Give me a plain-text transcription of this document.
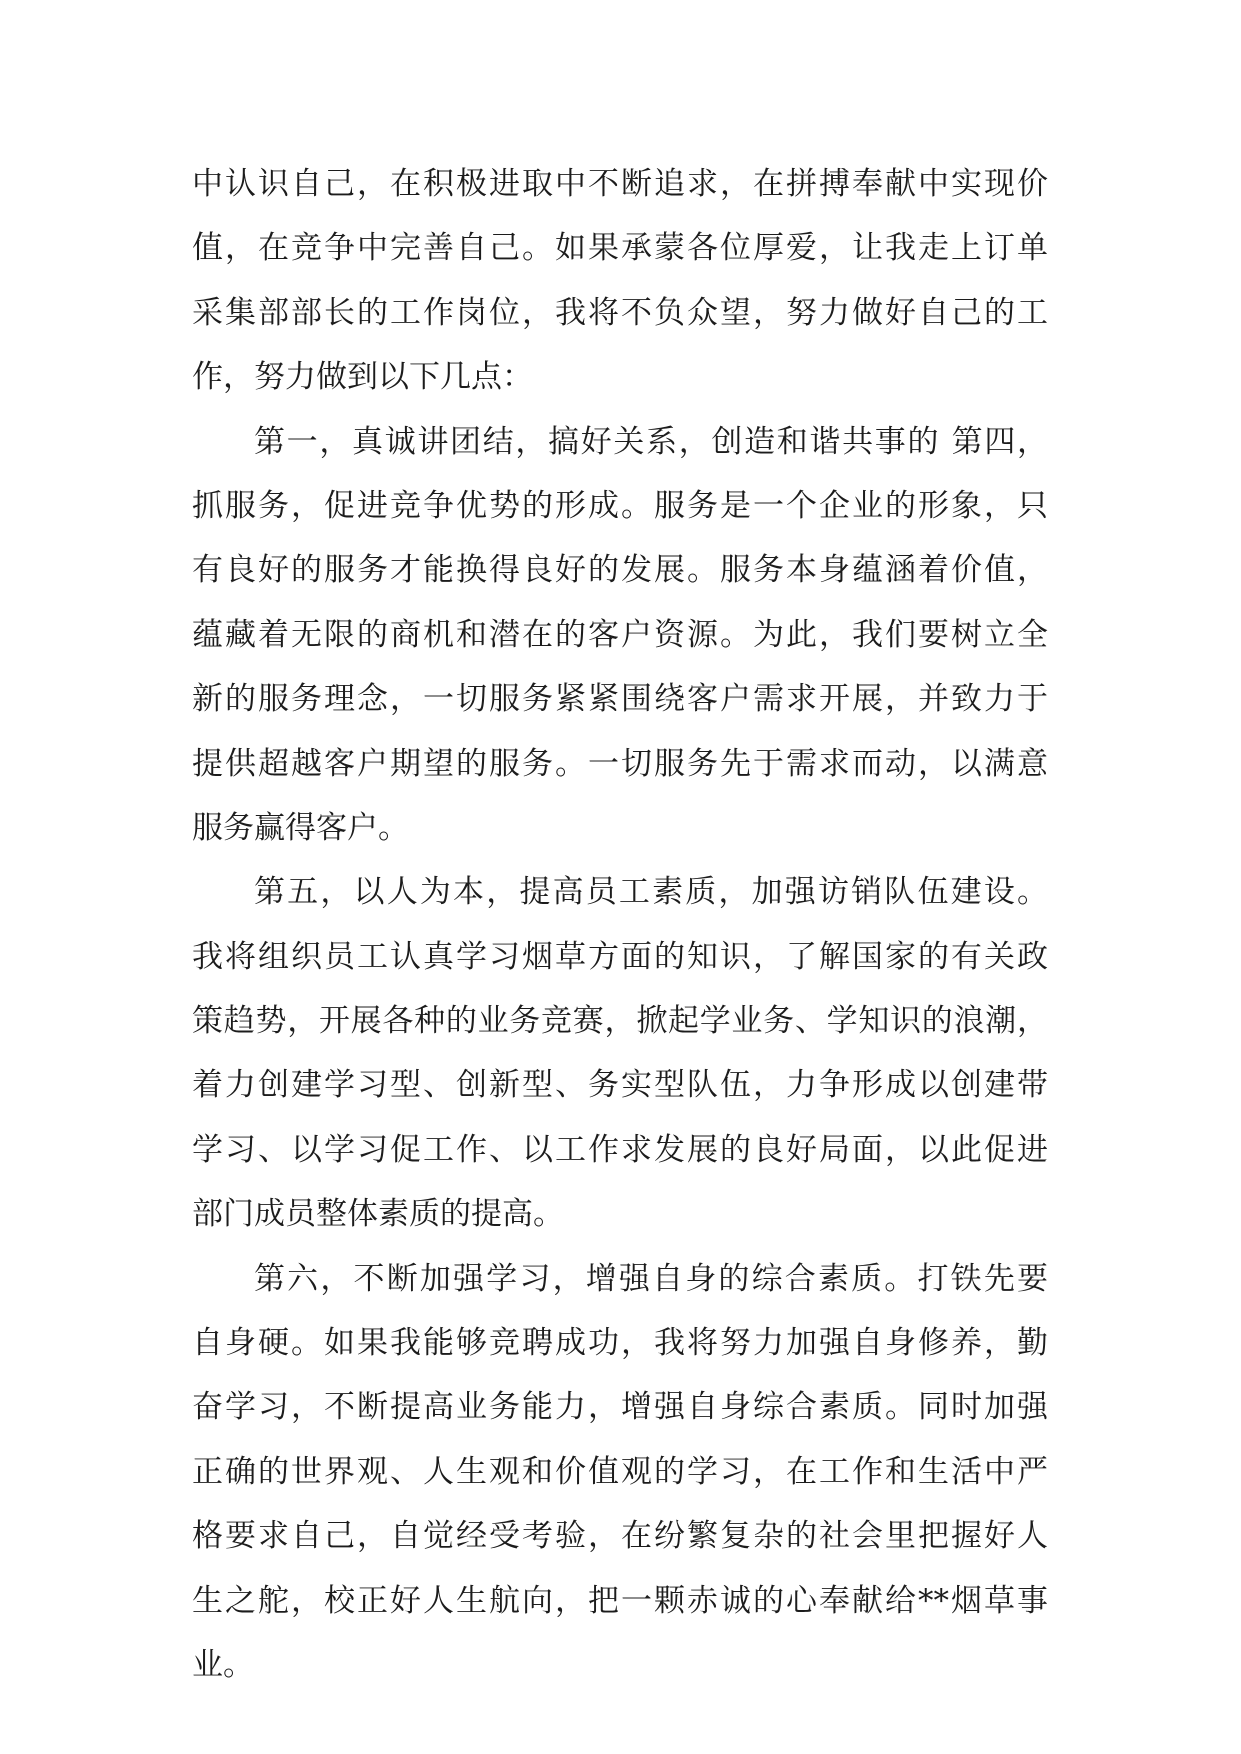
中认识自己，在积极进取中不断追求，在拼搏奉献中实现价
值，在竞争中完善自己。如果承蒙各位厚爱，让我走上订单
采集部部长的工作岗位，我将不负众望，努力做好自己的工
作，努力做到以下几点：
第一，真诚讲团结，搞好关系，创造和谐共事的 第四，
抓服务，促进竞争优势的形成。服务是一个企业的形象，只
有良好的服务才能换得良好的发展。服务本身蕴涵着价值，
蕴藏着无限的商机和潜在的客户资源。为此，我们要树立全
新的服务理念，一切服务紧紧围绕客户需求开展，并致力于
提供超越客户期望的服务。一切服务先于需求而动，以满意
服务赢得客户。
第五，以人为本，提高员工素质，加强访销队伍建设。
我将组织员工认真学习烟草方面的知识，了解国家的有关政
策趋势，开展各种的业务竞赛，掀起学业务、学知识的浪潮，
着力创建学习型、创新型、务实型队伍，力争形成以创建带
学习、以学习促工作、以工作求发展的良好局面，以此促进
部门成员整体素质的提高。
第六，不断加强学习，增强自身的综合素质。打铁先要
自身硬。如果我能够竞聘成功，我将努力加强自身修养，勤
奋学习，不断提高业务能力，增强自身综合素质。同时加强
正确的世界观、人生观和价值观的学习，在工作和生活中严
格要求自己，自觉经受考验，在纷繁复杂的社会里把握好人
生之舵，校正好人生航向，把一颗赤诚的心奉献给**烟草事
业。
